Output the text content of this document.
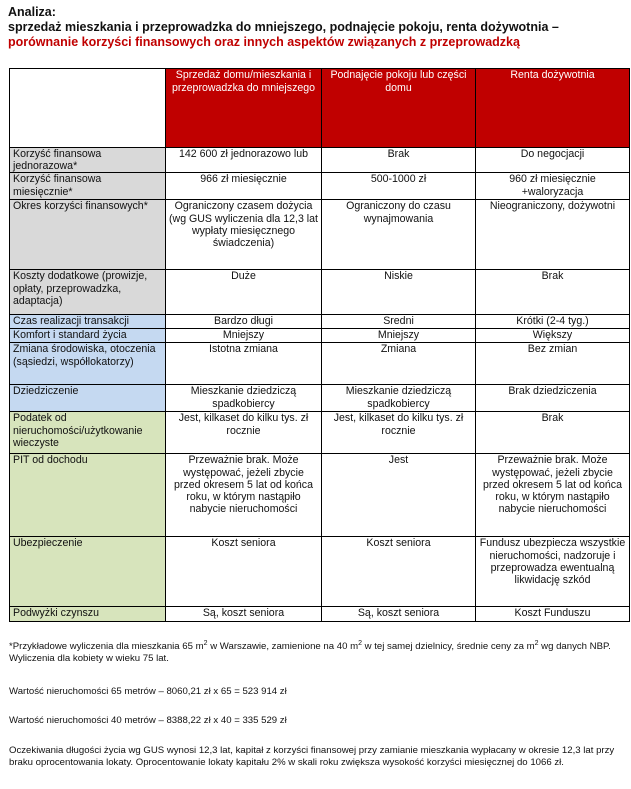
Analiza:
sprzedaż mieszkania i przeprowadzka do mniejszego, podnajęcie pokoju, renta dożywotnia –
porównanie korzyści finansowych oraz innych aspektów związanych z przeprowadzką
	Sprzedaż domu/mieszkania i przeprowadzka do mniejszego	Podnajęcie pokoju lub części domu	Renta dożywotnia
Korzyść finansowa jednorazowa*	142 600 zł jednorazowo lub	Brak	Do negocjacji
Korzyść finansowa miesięcznie*	966 zł miesięcznie	500-1000 zł	960 zł miesięcznie +waloryzacja
Okres korzyści finansowych*	Ograniczony czasem dożycia (wg GUS wyliczenia dla 12,3 lat wypłaty miesięcznego świadczenia)	Ograniczony do czasu wynajmowania	Nieograniczony, dożywotni
Koszty dodatkowe (prowizje, opłaty, przeprowadzka, adaptacja)	Duże	Niskie	Brak
Czas realizacji transakcji	Bardzo długi	Sredni	Krótki (2-4 tyg.)
Komfort i standard życia	Mniejszy	Mniejszy	Większy
Zmiana środowiska, otoczenia (sąsiedzi, współlokatorzy)	Istotna zmiana	Zmiana	Bez zmian
Dziedziczenie	Mieszkanie dziedziczą spadkobiercy	Mieszkanie dziedziczą spadkobiercy	Brak dziedziczenia
Podatek od nieruchomości/użytkowanie wieczyste	Jest, kilkaset do kilku tys. zł rocznie	Jest, kilkaset do kilku tys. zł rocznie	Brak
PIT od dochodu	Przeważnie brak. Może występować, jeżeli zbycie przed okresem 5 lat od końca roku, w którym nastąpiło nabycie nieruchomości	Jest	Przeważnie brak. Może występować, jeżeli zbycie przed okresem 5 lat od końca roku, w którym nastąpiło nabycie nieruchomości
Ubezpieczenie	Koszt seniora	Koszt seniora	Fundusz ubezpiecza wszystkie nieruchomości, nadzoruje i przeprowadza ewentualną likwidację szkód
Podwyżki czynszu	Są, koszt seniora	Są, koszt seniora	Koszt Funduszu
*Przykładowe wyliczenia dla mieszkania 65 $m^2$ w Warszawie, zamienione na 40 $m^2$ w tej samej dzielnicy, średnie ceny za $m^2$ wg danych NBP. Wyliczenia dla kobiety w wieku 75 lat.
Wartość nieruchomości 65 metrów – 8060,21 zł x 65 = 523 914 zł
Wartość nieruchomości 40 metrów – 8388,22 zł x 40 = 335 529 zł
Oczekiwania długości życia wg GUS wynosi 12,3 lat, kapitał z korzyści finansowej przy zamianie mieszkania wypłacany w okresie 12,3 lat przy braku oprocentowania lokaty. Oprocentowanie lokaty kapitału 2% w skali roku zwiększa wysokość korzyści miesięcznej do 1066 zł.
